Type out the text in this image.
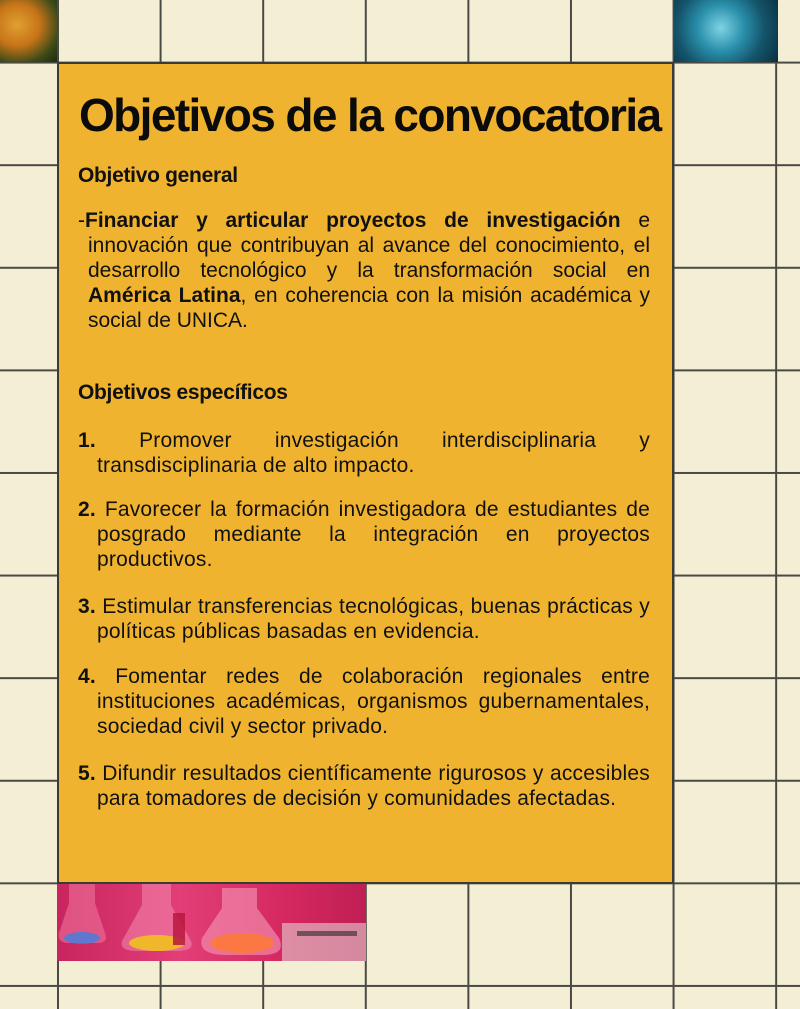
Objetivos de la convocatoria
Objetivo general

-Financiar y articular proyectos de investigación e innovación que contribuyan al avance del conocimiento, el desarrollo tecnológico y la transformación social en América Latina, en coherencia con la misión académica y social de UNICA.

Objetivos específicos

1. Promover investigación interdisciplinaria y transdisciplinaria de alto impacto.

2. Favorecer la formación investigadora de estudiantes de posgrado mediante la integración en proyectos productivos.

3. Estimular transferencias tecnológicas, buenas prácticas y políticas públicas basadas en evidencia.

4. Fomentar redes de colaboración regionales entre instituciones académicas, organismos gubernamentales, sociedad civil y sector privado.

5. Difundir resultados científicamente rigurosos y accesibles para tomadores de decisión y comunidades afectadas.
